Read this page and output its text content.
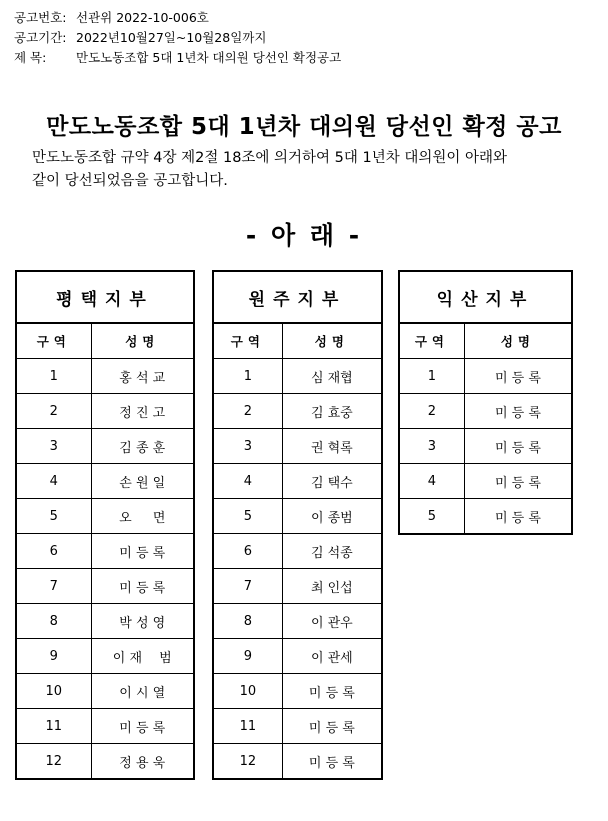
공고번호: 선관위 2022-10-006호
공고기간: 2022년10월27일~10월28일까지
제 목:	만도노동조합 5대 1년차 대의원 당선인 확정공고
만도노동조합 5대 1년차 대의원 당선인 확정 공고
만도노동조합 규약 4장 제2절 18조에 의거하여 5대 1년차 대의원이 아래와
같이 당선되었음을 공고합니다.
- 아 래 -
평택지부	
구역	성명
1	홍 석 교
2	정 진 고
3	김 종 훈
4	손 원 일
5	오 　 면
6	미 등 록
7	미 등 록
8	박 성 영
9	이 재 　범
10	이 시 열
11	미 등 록
12	정 용 욱
원주지부	
구역	성명
1	심 재협
2	김 효중
3	권 혁록
4	김 택수
5	이 종범
6	김 석종
7	최 인섭
8	이 관우
9	이 관세
10	미 등 록
11	미 등 록
12	미 등 록
익산지부	
구역	성명
1	미 등 록
2	미 등 록
3	미 등 록
4	미 등 록
5	미 등 록
